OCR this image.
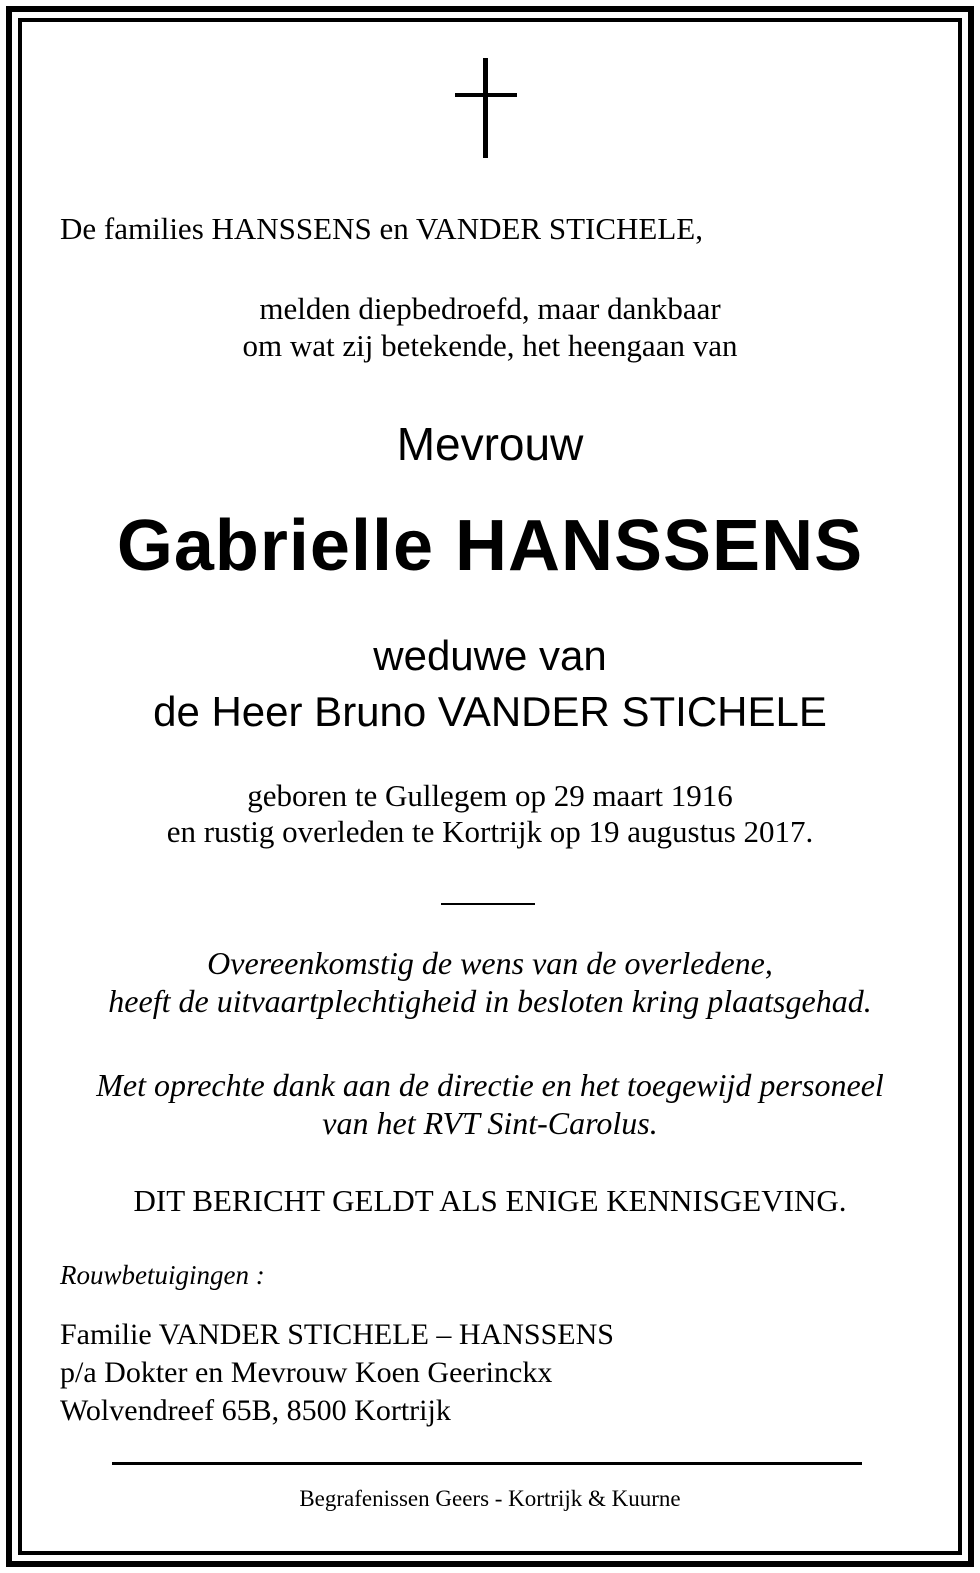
De families HANSSENS en VANDER STICHELE,

melden diepbedroefd, maar dankbaar
om wat zij betekende, het heengaan van

Mevrouw

Gabrielle HANSSENS

weduwe van

de Heer Bruno VANDER STICHELE

geboren te Gullegem op 29 maart 1916
en rustig overleden te Kortrijk op 19 augustus 2017.
Overeenkomstig de wens van de overledene,
heeft de uitvaartplechtigheid in besloten kring plaatsgehad.
Met oprechte dank aan de directie en het toegewijd personeel
van het RVT Sint-Carolus.

DIT BERICHT GELDT ALS ENIGE KENNISGEVING.

Rouwbetuigingen :

Familie VANDER STICHELE – HANSSENS
p/a Dokter en Mevrouw Koen Geerinckx
Wolvendreef 65B, 8500 Kortrijk

Begrafenissen Geers - Kortrijk & Kuurne
